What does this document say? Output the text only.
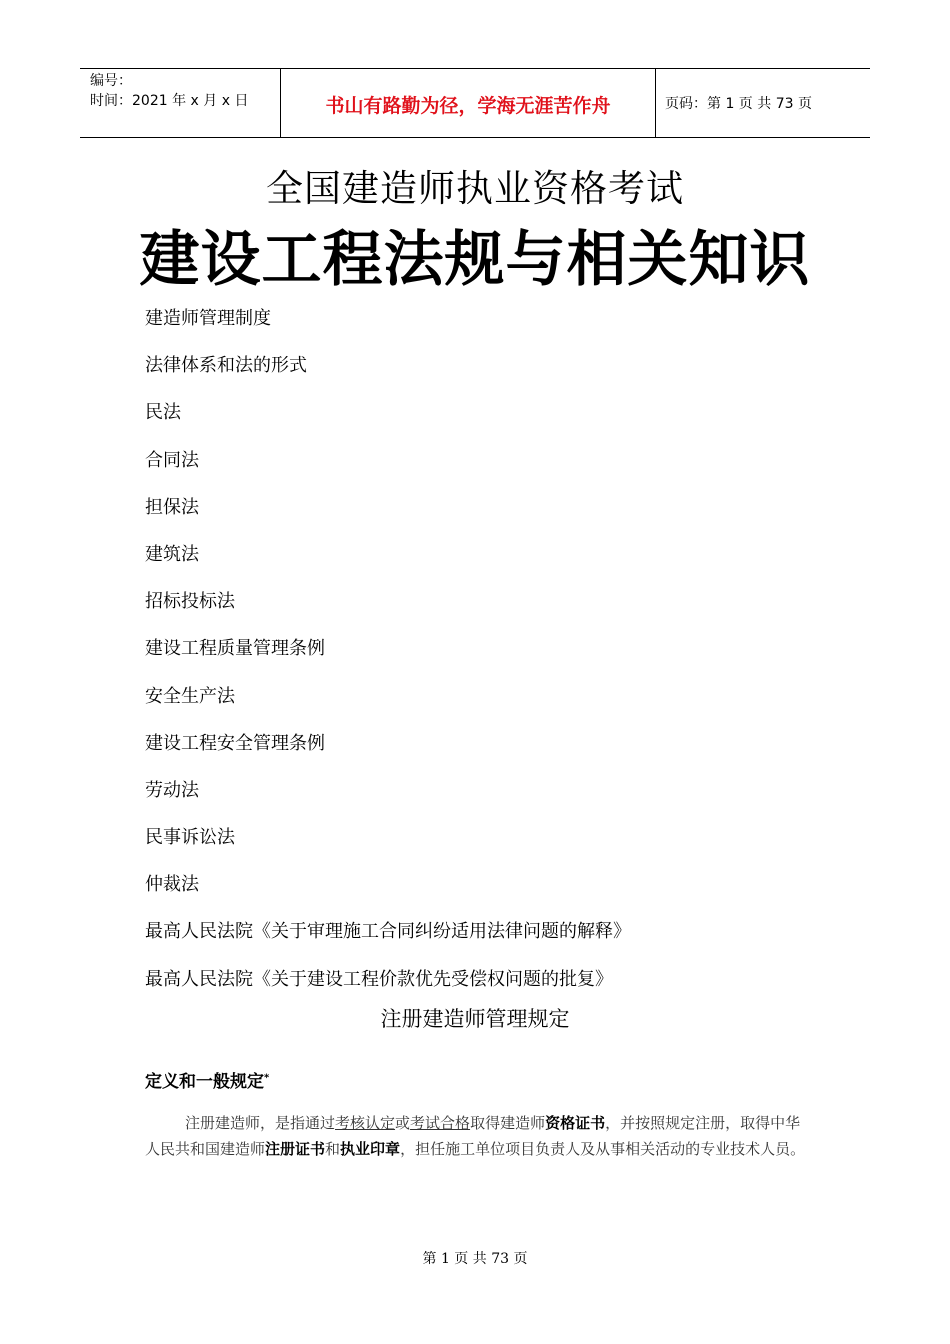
编号：
时间：2021 年 x 月 x 日	书山有路勤为径，学海无涯苦作舟	页码：第 1 页 共 73 页
全国建造师执业资格考试
建设工程法规与相关知识
建造师管理制度
法律体系和法的形式
民法
合同法
担保法
建筑法
招标投标法
建设工程质量管理条例
安全生产法
建设工程安全管理条例
劳动法
民事诉讼法
仲裁法
最高人民法院《关于审理施工合同纠纷适用法律问题的解释》
最高人民法院《关于建设工程价款优先受偿权问题的批复》
注册建造师管理规定
定义和一般规定*
注册建造师，是指通过考核认定或考试合格取得建造师资格证书，并按照规定注册，取得中华人民共和国建造师注册证书和执业印章，担任施工单位项目负责人及从事相关活动的专业技术人员。
第 1 页 共 73 页
